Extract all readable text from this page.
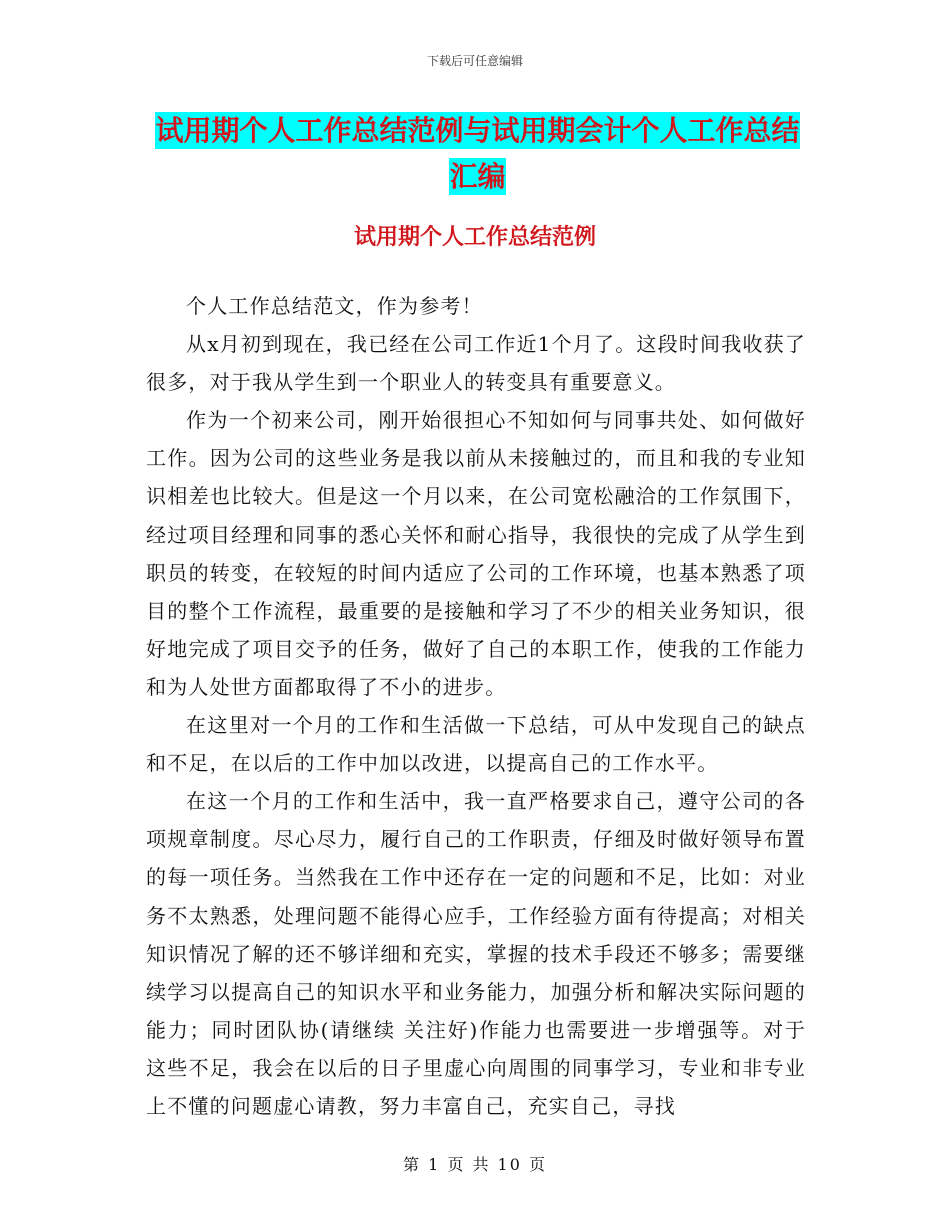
下载后可任意编辑
试用期个人工作总结范例与试用期会计个人工作总结汇编
试用期个人工作总结范例

个人工作总结范文，作为参考！

从x月初到现在，我已经在公司工作近1个月了。这段时间我收获了很多，对于我从学生到一个职业人的转变具有重要意义。

作为一个初来公司，刚开始很担心不知如何与同事共处、如何做好工作。因为公司的这些业务是我以前从未接触过的，而且和我的专业知识相差也比较大。但是这一个月以来，在公司宽松融洽的工作氛围下，经过项目经理和同事的悉心关怀和耐心指导，我很快的完成了从学生到职员的转变，在较短的时间内适应了公司的工作环境，也基本熟悉了项目的整个工作流程，最重要的是接触和学习了不少的相关业务知识，很好地完成了项目交予的任务，做好了自己的本职工作，使我的工作能力和为人处世方面都取得了不小的进步。

在这里对一个月的工作和生活做一下总结，可从中发现自己的缺点和不足，在以后的工作中加以改进，以提高自己的工作水平。

在这一个月的工作和生活中，我一直严格要求自己，遵守公司的各项规章制度。尽心尽力，履行自己的工作职责，仔细及时做好领导布置的每一项任务。当然我在工作中还存在一定的问题和不足，比如：对业务不太熟悉，处理问题不能得心应手，工作经验方面有待提高；对相关知识情况了解的还不够详细和充实，掌握的技术手段还不够多；需要继续学习以提高自己的知识水平和业务能力，加强分析和解决实际问题的能力；同时团队协(请继续 关注好)作能力也需要进一步增强等。对于这些不足，我会在以后的日子里虚心向周围的同事学习，专业和非专业上不懂的问题虚心请教，努力丰富自己，充实自己，寻找

第 1 页 共 10 页
